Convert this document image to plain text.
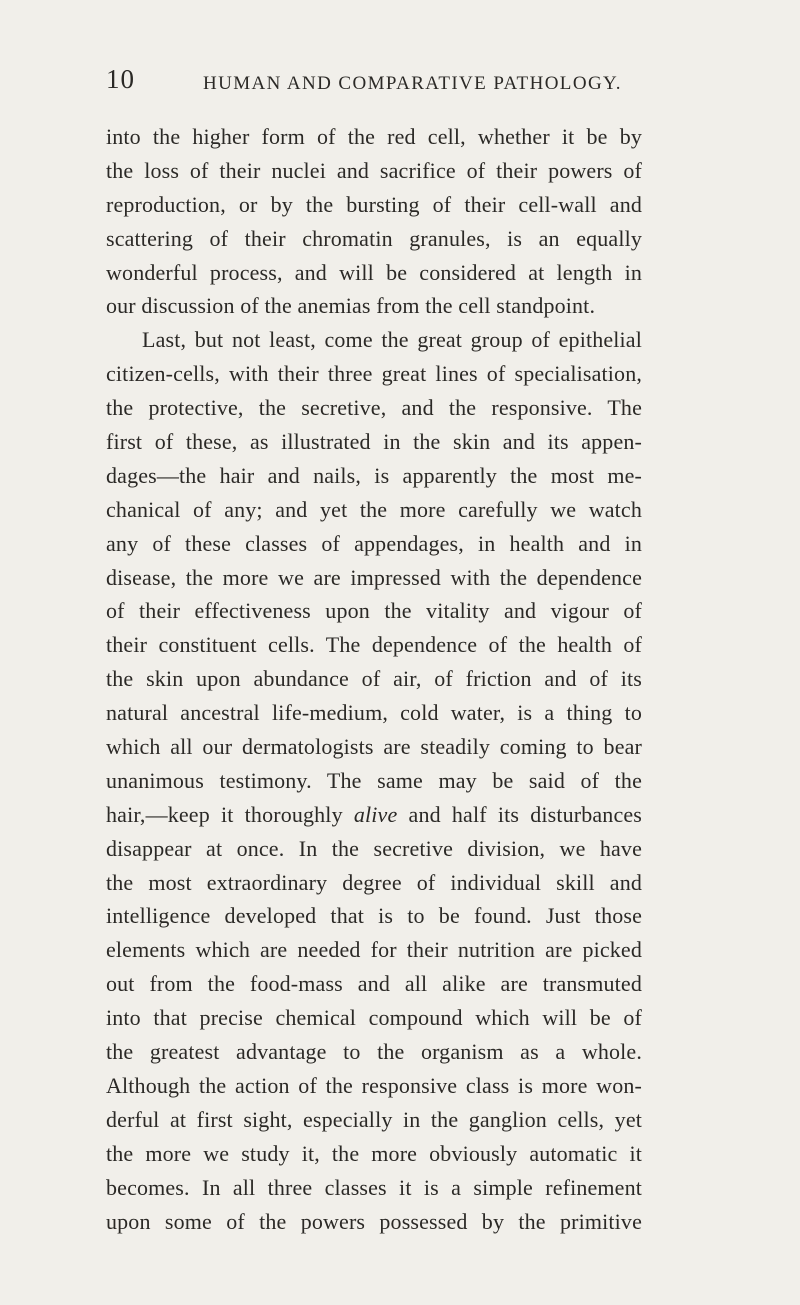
10	HUMAN AND COMPARATIVE PATHOLOGY.
into the higher form of the red cell, whether it be by
the loss of their nuclei and sacrifice of their powers of
reproduction, or by the bursting of their cell-wall and
scattering of their chromatin granules, is an equally
wonderful process, and will be considered at length in
our discussion of the anemias from the cell standpoint.
Last, but not least, come the great group of epithelial
citizen-cells, with their three great lines of specialisation,
the protective, the secretive, and the responsive. The
first of these, as illustrated in the skin and its appen-
dages—the hair and nails, is apparently the most me-
chanical of any; and yet the more carefully we watch
any of these classes of appendages, in health and in
disease, the more we are impressed with the dependence
of their effectiveness upon the vitality and vigour of
their constituent cells. The dependence of the health of
the skin upon abundance of air, of friction and of its
natural ancestral life-medium, cold water, is a thing to
which all our dermatologists are steadily coming to bear
unanimous testimony. The same may be said of the
hair,—keep it thoroughly alive and half its disturbances
disappear at once. In the secretive division, we have
the most extraordinary degree of individual skill and
intelligence developed that is to be found. Just those
elements which are needed for their nutrition are picked
out from the food-mass and all alike are transmuted
into that precise chemical compound which will be of
the greatest advantage to the organism as a whole.
Although the action of the responsive class is more won-
derful at first sight, especially in the ganglion cells, yet
the more we study it, the more obviously automatic it
becomes. In all three classes it is a simple refinement
upon some of the powers possessed by the primitive
